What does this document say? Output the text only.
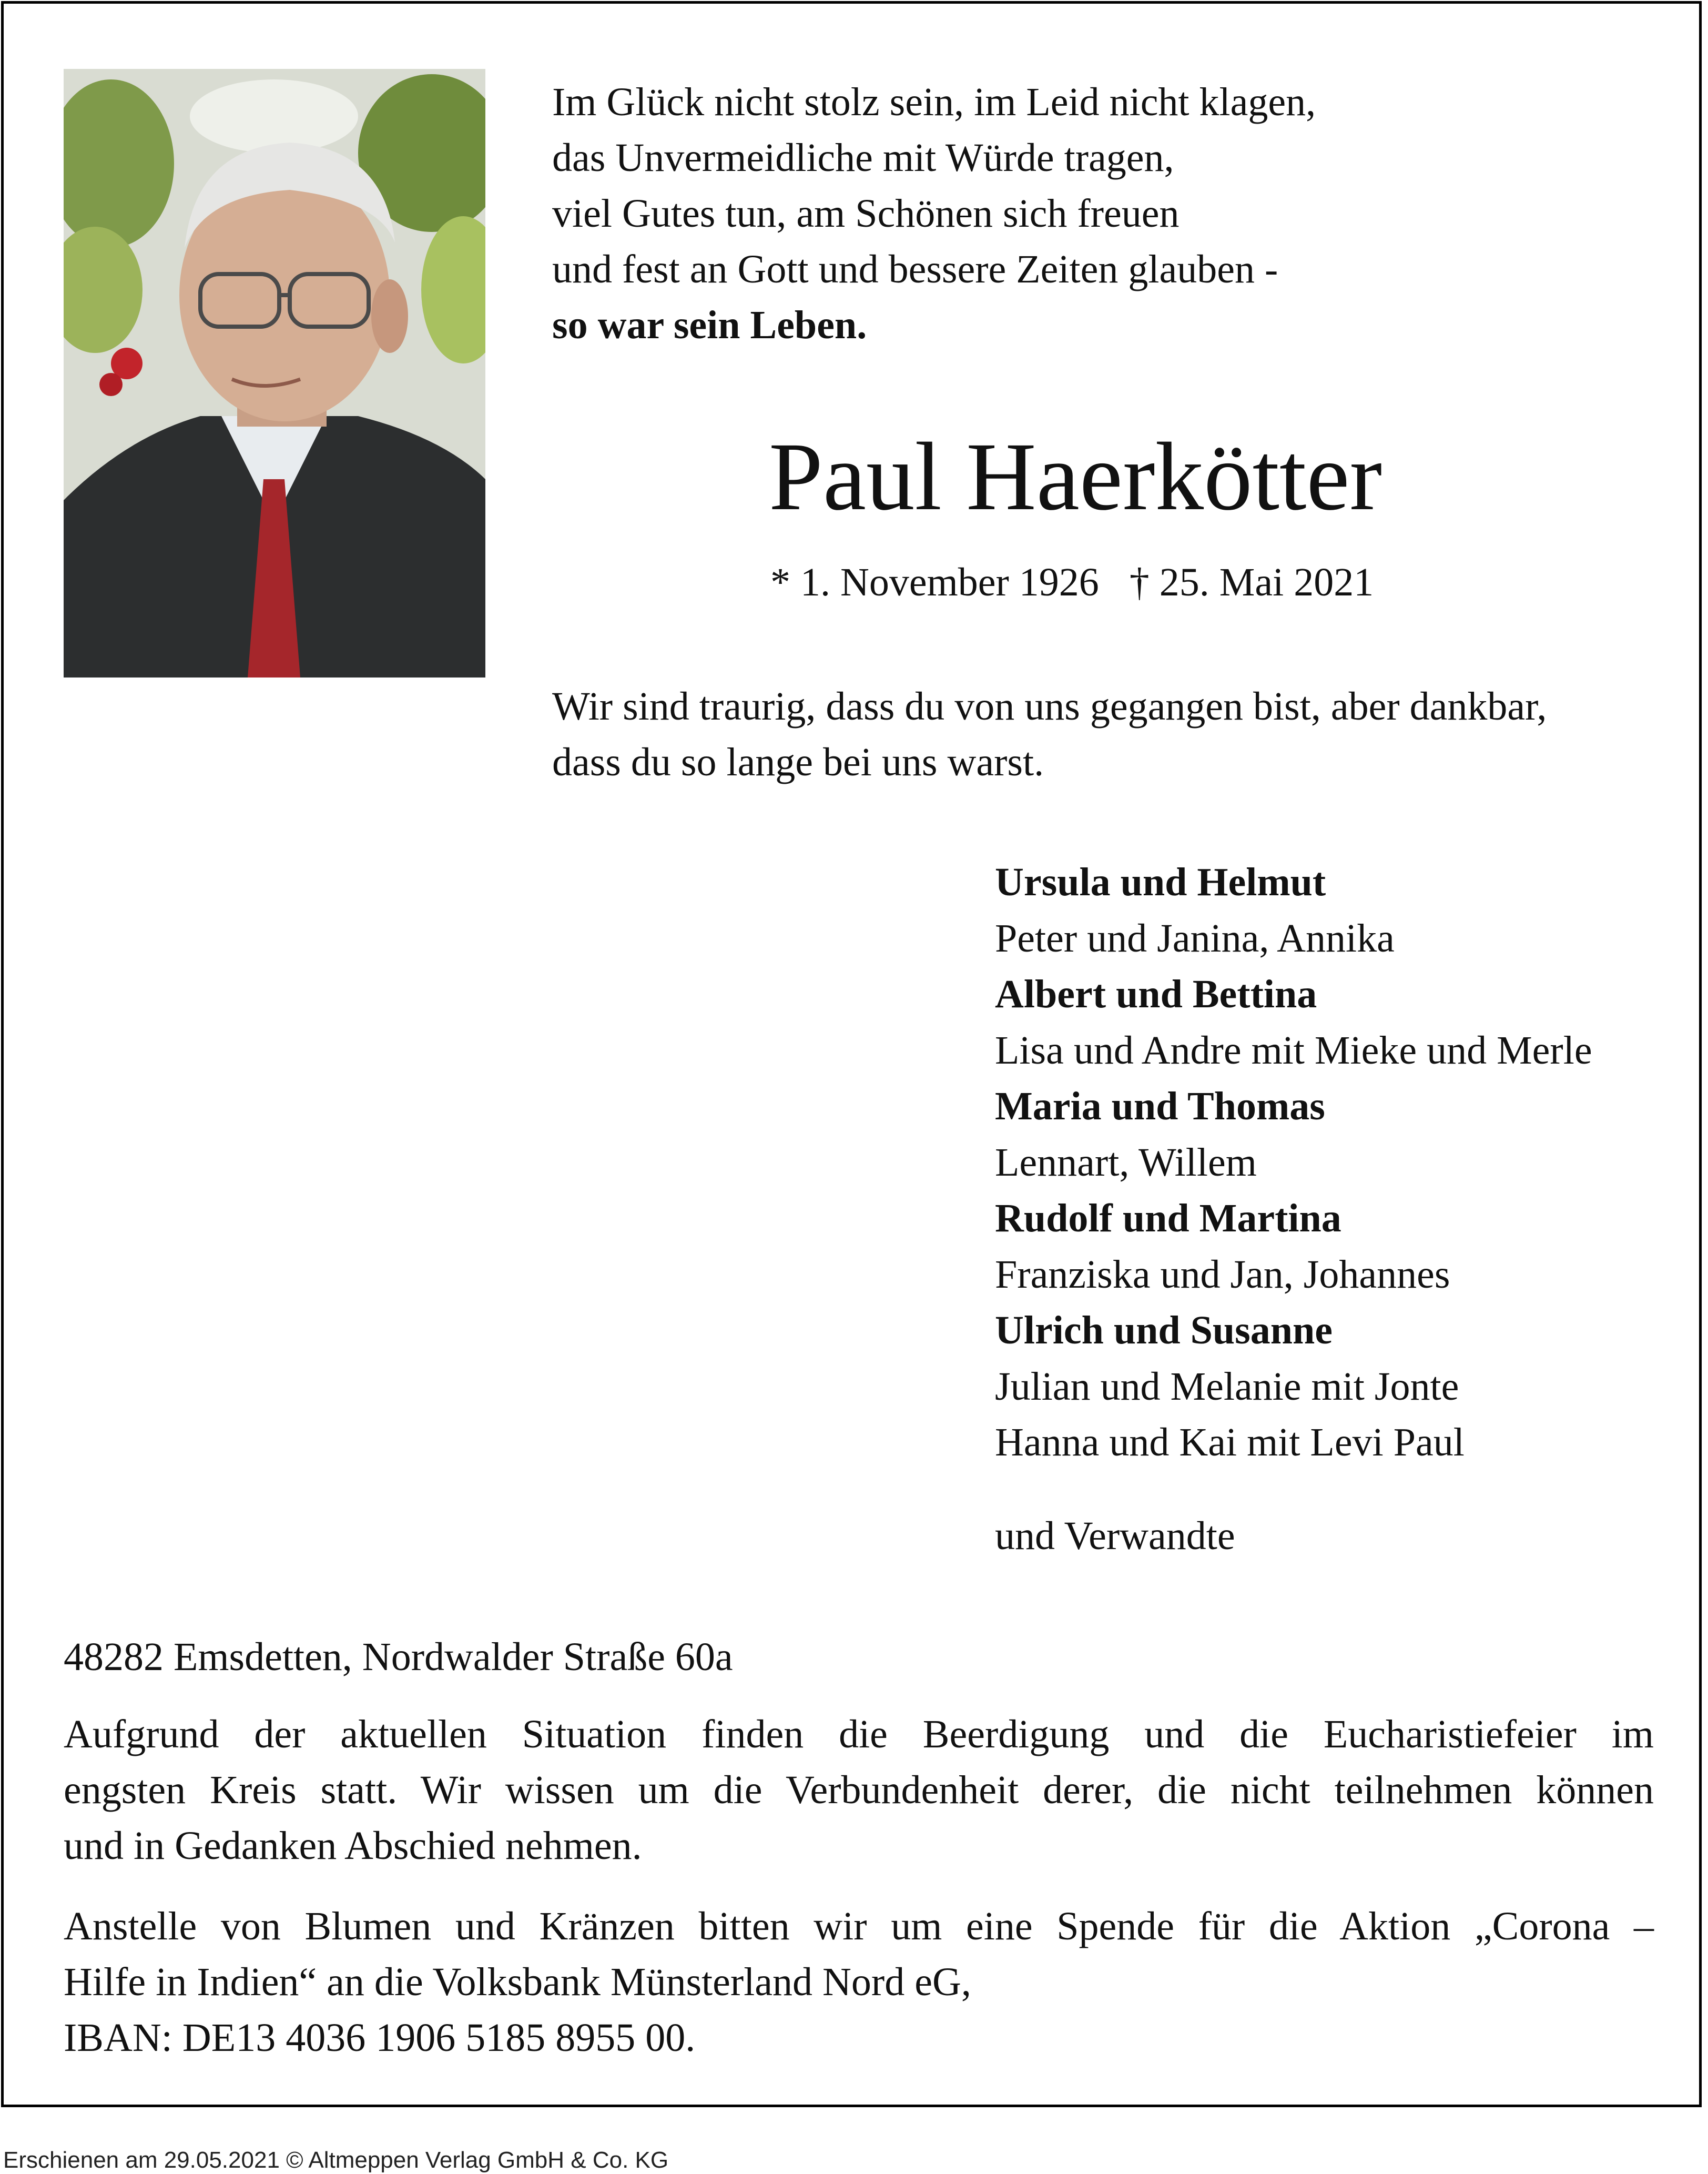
Im Glück nicht stolz sein, im Leid nicht klagen,

das Unvermeidliche mit Würde tragen,

viel Gutes tun, am Schönen sich freuen

und fest an Gott und bessere Zeiten glauben -

so war sein Leben.

Paul Haerkötter

* 1. November 1926 † 25. Mai 2021

Wir sind traurig, dass du von uns gegangen bist, aber dankbar,

dass du so lange bei uns warst.

Ursula und Helmut
Peter und Janina, Annika
Albert und Bettina
Lisa und Andre mit Mieke und Merle
Maria und Thomas
Lennart, Willem
Rudolf und Martina
Franziska und Jan, Johannes
Ulrich und Susanne
Julian und Melanie mit Jonte
Hanna und Kai mit Levi Paul

und Verwandte

48282 Emsdetten, Nordwalder Straße 60a

Aufgrund der aktuellen Situation finden die Beerdigung und die Eucharistiefeier im
engsten Kreis statt. Wir wissen um die Verbundenheit derer, die nicht teilnehmen können
und in Gedanken Abschied nehmen.
Anstelle von Blumen und Kränzen bitten wir um eine Spende für die Aktion „Corona –
Hilfe in Indien“ an die Volksbank Münsterland Nord eG,
IBAN: DE13 4036 1906 5185 8955 00.
Erschienen am 29.05.2021 © Altmeppen Verlag GmbH & Co. KG
